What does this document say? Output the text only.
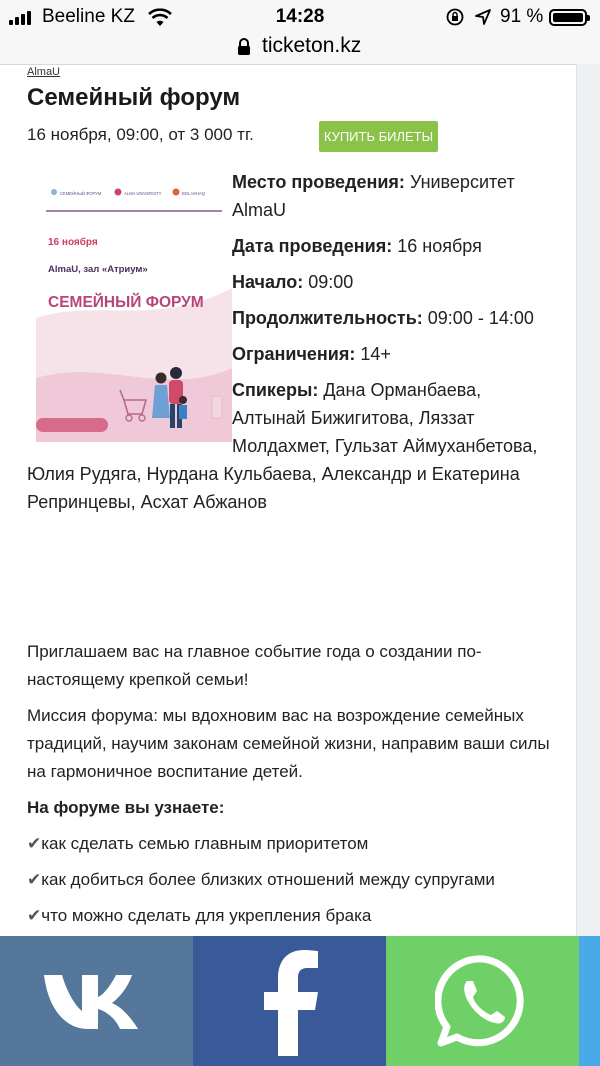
Beeline KZ	14:28	91 %
ticketon.kz
AlmaU
Семейный форум
16 ноября, 09:00, от 3 000 тг.	КУПИТЬ БИЛЕТЫ
СЕМЕЙНЫЙ ФОРУМ	ALMA UNIVERSITY	BOLASHAQ
16 ноября
AlmaU, зал «Атриум»
СЕМЕЙНЫЙ ФОРУМ

Место проведения: Университет AlmaU

Дата проведения: 16 ноября

Начало: 09:00

Продолжительность: 09:00 - 14:00

Ограничения: 14+

Спикеры: Дана Орманбаева, Алтынай Бижигитова, Ляззат Молдахмет, Гульзат Аймуханбетова, Юлия Рудяга, Нурдана Кульбаева, Александр и Екатерина Репринцевы, Асхат Абжанов

Приглашаем вас на главное событие года о создании по-настоящему крепкой семьи!

Миссия форума: мы вдохновим вас на возрождение семейных традиций, научим законам семейной жизни, направим ваши силы на гармоничное воспитание детей.

На форуме вы узнаете:

✔как сделать семью главным приоритетом

✔как добиться более близких отношений между супругами

✔что можно сделать для укрепления брака
